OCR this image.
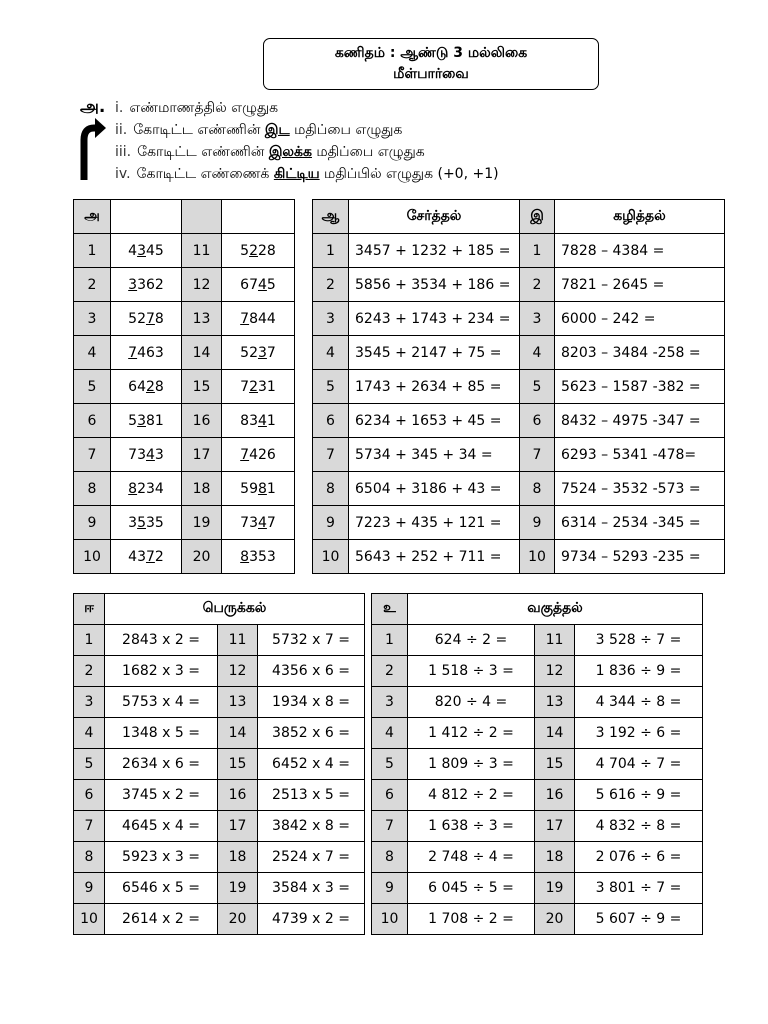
கணிதம் : ஆண்டு 3 மல்லிகை
மீள்பார்வை
அ. i. எண்மாணத்தில் எழுதுக
ii. கோடிட்ட எண்ணின் இட மதிப்பை எழுதுக
iii. கோடிட்ட எண்ணின் இலக்க மதிப்பை எழுதுக
iv. கோடிட்ட எண்ணைக் கிட்டிய மதிப்பில் எழுதுக (+0, +1)
அ			
1	4345	11	5228
2	3362	12	6745
3	5278	13	7844
4	7463	14	5237
5	6428	15	7231
6	5381	16	8341
7	7343	17	7426
8	8234	18	5981
9	3535	19	7347
10	4372	20	8353
ஆ	சேர்த்தல்	இ	கழித்தல்
1	3457 + 1232 + 185 =	1	7828 – 4384 =
2	5856 + 3534 + 186 =	2	7821 – 2645 =
3	6243 + 1743 + 234 =	3	6000 – 242 =
4	3545 + 2147 + 75 =	4	8203 – 3484 -258 =
5	1743 + 2634 + 85 =	5	5623 – 1587 -382 =
6	6234 + 1653 + 45 =	6	8432 – 4975 -347 =
7	5734 + 345 + 34 =	7	6293 – 5341 -478=
8	6504 + 3186 + 43 =	8	7524 – 3532 -573 =
9	7223 + 435 + 121 =	9	6314 – 2534 -345 =
10	5643 + 252 + 711 =	10	9734 – 5293 -235 =
ஈ	பெருக்கல்		
1	2843 x 2 =	11	5732 x 7 =
2	1682 x 3 =	12	4356 x 6 =
3	5753 x 4 =	13	1934 x 8 =
4	1348 x 5 =	14	3852 x 6 =
5	2634 x 6 =	15	6452 x 4 =
6	3745 x 2 =	16	2513 x 5 =
7	4645 x 4 =	17	3842 x 8 =
8	5923 x 3 =	18	2524 x 7 =
9	6546 x 5 =	19	3584 x 3 =
10	2614 x 2 =	20	4739 x 2 =
உ	வகுத்தல்		
1	624 ÷ 2 =	11	3 528 ÷ 7 =
2	1 518 ÷ 3 =	12	1 836 ÷ 9 =
3	820 ÷ 4 =	13	4 344 ÷ 8 =
4	1 412 ÷ 2 =	14	3 192 ÷ 6 =
5	1 809 ÷ 3 =	15	4 704 ÷ 7 =
6	4 812 ÷ 2 =	16	5 616 ÷ 9 =
7	1 638 ÷ 3 =	17	4 832 ÷ 8 =
8	2 748 ÷ 4 =	18	2 076 ÷ 6 =
9	6 045 ÷ 5 =	19	3 801 ÷ 7 =
10	1 708 ÷ 2 =	20	5 607 ÷ 9 =
